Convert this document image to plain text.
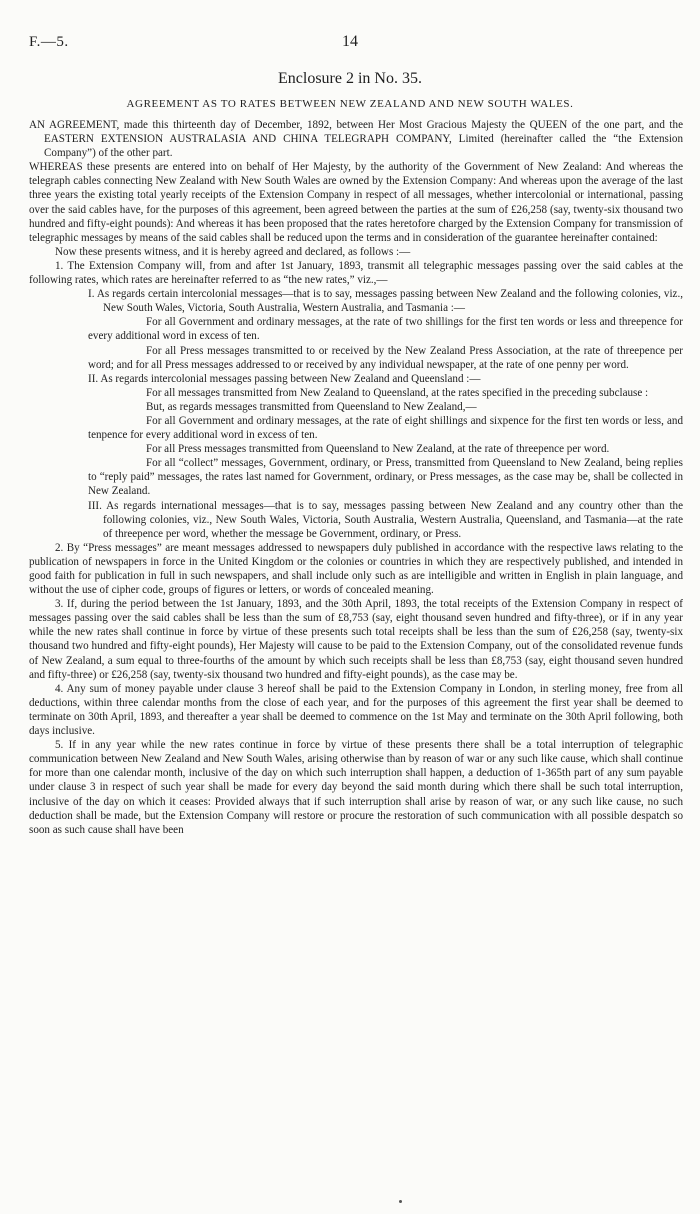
F.—5.	14
Enclosure 2 in No. 35.
AGREEMENT AS TO RATES BETWEEN NEW ZEALAND AND NEW SOUTH WALES.

AN AGREEMENT, made this thirteenth day of December, 1892, between Her Most Gracious Majesty the QUEEN of the one part, and the EASTERN EXTENSION AUSTRALASIA AND CHINA TELEGRAPH COMPANY, Limited (hereinafter called the “the Extension Company”) of the other part.

WHEREAS these presents are entered into on behalf of Her Majesty, by the authority of the Government of New Zealand: And whereas the telegraph cables connecting New Zealand with New South Wales are owned by the Extension Company: And whereas upon the average of the last three years the existing total yearly receipts of the Extension Company in respect of all messages, whether intercolonial or international, passing over the said cables have, for the purposes of this agreement, been agreed between the parties at the sum of £26,258 (say, twenty-six thousand two hundred and fifty-eight pounds): And whereas it has been proposed that the rates heretofore charged by the Extension Company for transmission of telegraphic messages by means of the said cables shall be reduced upon the terms and in consideration of the guarantee hereinafter contained:

Now these presents witness, and it is hereby agreed and declared, as follows :—

1. The Extension Company will, from and after 1st January, 1893, transmit all telegraphic messages passing over the said cables at the following rates, which rates are hereinafter referred to as “the new rates,” viz.,—

I. As regards certain intercolonial messages—that is to say, messages passing between New Zealand and the following colonies, viz., New South Wales, Victoria, South Australia, Western Australia, and Tasmania :—

For all Government and ordinary messages, at the rate of two shillings for the first ten words or less and threepence for every additional word in excess of ten.

For all Press messages transmitted to or received by the New Zealand Press Association, at the rate of threepence per word; and for all Press messages addressed to or received by any individual newspaper, at the rate of one penny per word.

II. As regards intercolonial messages passing between New Zealand and Queensland :—

For all messages transmitted from New Zealand to Queensland, at the rates specified in the preceding subclause :

But, as regards messages transmitted from Queensland to New Zealand,—

For all Government and ordinary messages, at the rate of eight shillings and sixpence for the first ten words or less, and tenpence for every additional word in excess of ten.

For all Press messages transmitted from Queensland to New Zealand, at the rate of threepence per word.

For all “collect” messages, Government, ordinary, or Press, transmitted from Queensland to New Zealand, being replies to “reply paid” messages, the rates last named for Government, ordinary, or Press messages, as the case may be, shall be collected in New Zealand.

III. As regards international messages—that is to say, messages passing between New Zealand and any country other than the following colonies, viz., New South Wales, Victoria, South Australia, Western Australia, Queensland, and Tasmania—at the rate of threepence per word, whether the message be Government, ordinary, or Press.

2. By “Press messages” are meant messages addressed to newspapers duly published in accordance with the respective laws relating to the publication of newspapers in force in the United Kingdom or the colonies or countries in which they are respectively published, and intended in good faith for publication in full in such newspapers, and shall include only such as are intelligible and written in English in plain language, and without the use of cipher code, groups of figures or letters, or words of concealed meaning.

3. If, during the period between the 1st January, 1893, and the 30th April, 1893, the total receipts of the Extension Company in respect of messages passing over the said cables shall be less than the sum of £8,753 (say, eight thousand seven hundred and fifty-three), or if in any year while the new rates shall continue in force by virtue of these presents such total receipts shall be less than the sum of £26,258 (say, twenty-six thousand two hundred and fifty-eight pounds), Her Majesty will cause to be paid to the Extension Company, out of the consolidated revenue funds of New Zealand, a sum equal to three-fourths of the amount by which such receipts shall be less than £8,753 (say, eight thousand seven hundred and fifty-three) or £26,258 (say, twenty-six thousand two hundred and fifty-eight pounds), as the case may be.

4. Any sum of money payable under clause 3 hereof shall be paid to the Extension Company in London, in sterling money, free from all deductions, within three calendar months from the close of each year, and for the purposes of this agreement the first year shall be deemed to terminate on 30th April, 1893, and thereafter a year shall be deemed to commence on the 1st May and terminate on the 30th April following, both days inclusive.

5. If in any year while the new rates continue in force by virtue of these presents there shall be a total interruption of telegraphic communication between New Zealand and New South Wales, arising otherwise than by reason of war or any such like cause, which shall continue for more than one calendar month, inclusive of the day on which such interruption shall happen, a deduction of 1-365th part of any sum payable under clause 3 in respect of such year shall be made for every day beyond the said month during which there shall be such total interruption, inclusive of the day on which it ceases: Provided always that if such interruption shall arise by reason of war, or any such like cause, no such deduction shall be made, but the Extension Company will restore or procure the restoration of such communication with all possible despatch so soon as such cause shall have been
